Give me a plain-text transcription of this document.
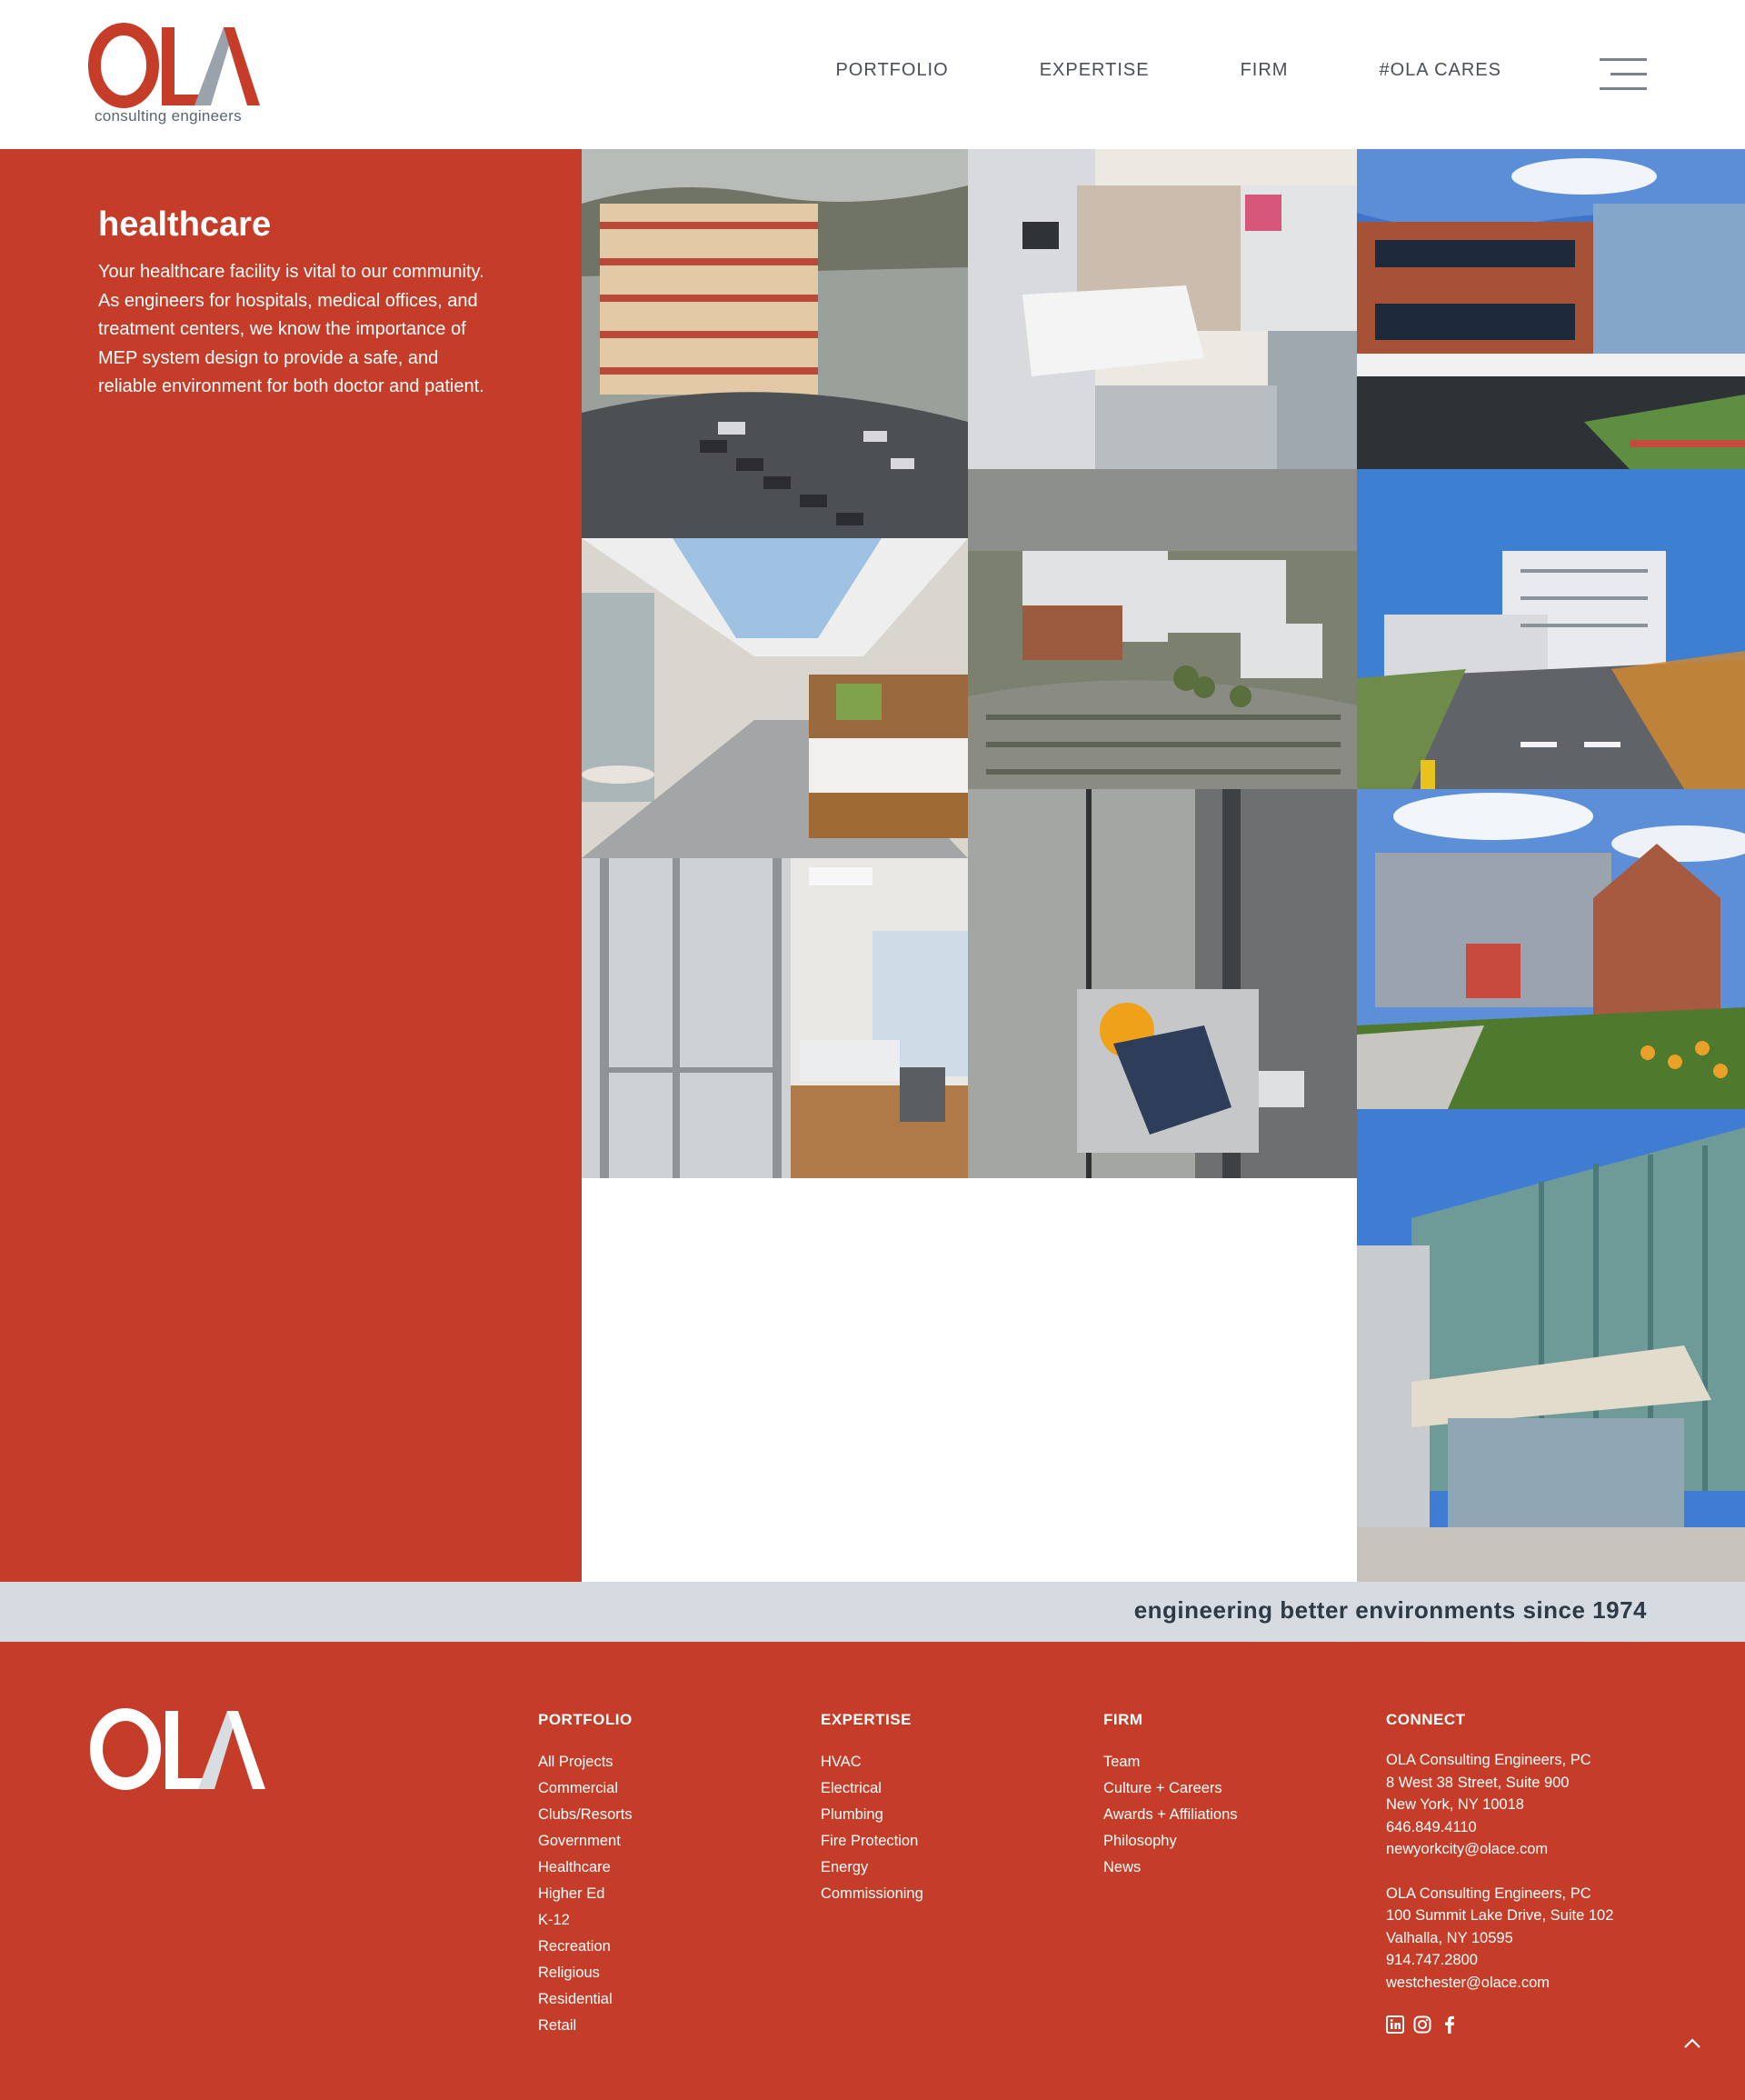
consulting engineers
PORTFOLIO	EXPERTISE	FIRM	#OLA CARES
healthcare

Your healthcare facility is vital to our community. As engineers for hospitals, medical offices, and treatment centers, we know the importance of MEP system design to provide a safe, and reliable environment for both doctor and patient.

engineering better environments since 1974
PORTFOLIO
All Projects
Commercial
Clubs/Resorts
Government
Healthcare
Higher Ed
K-12
Recreation
Religious
Residential
Retail
EXPERTISE
HVAC
Electrical
Plumbing
Fire Protection
Energy
Commissioning
FIRM
Team
Culture + Careers
Awards + Affiliations
Philosophy
News
CONNECT
OLA Consulting Engineers, PC
8 West 38 Street, Suite 900
New York, NY 10018
646.849.4110
newyorkcity@olace.com
OLA Consulting Engineers, PC
100 Summit Lake Drive, Suite 102
Valhalla, NY 10595
914.747.2800
westchester@olace.com
